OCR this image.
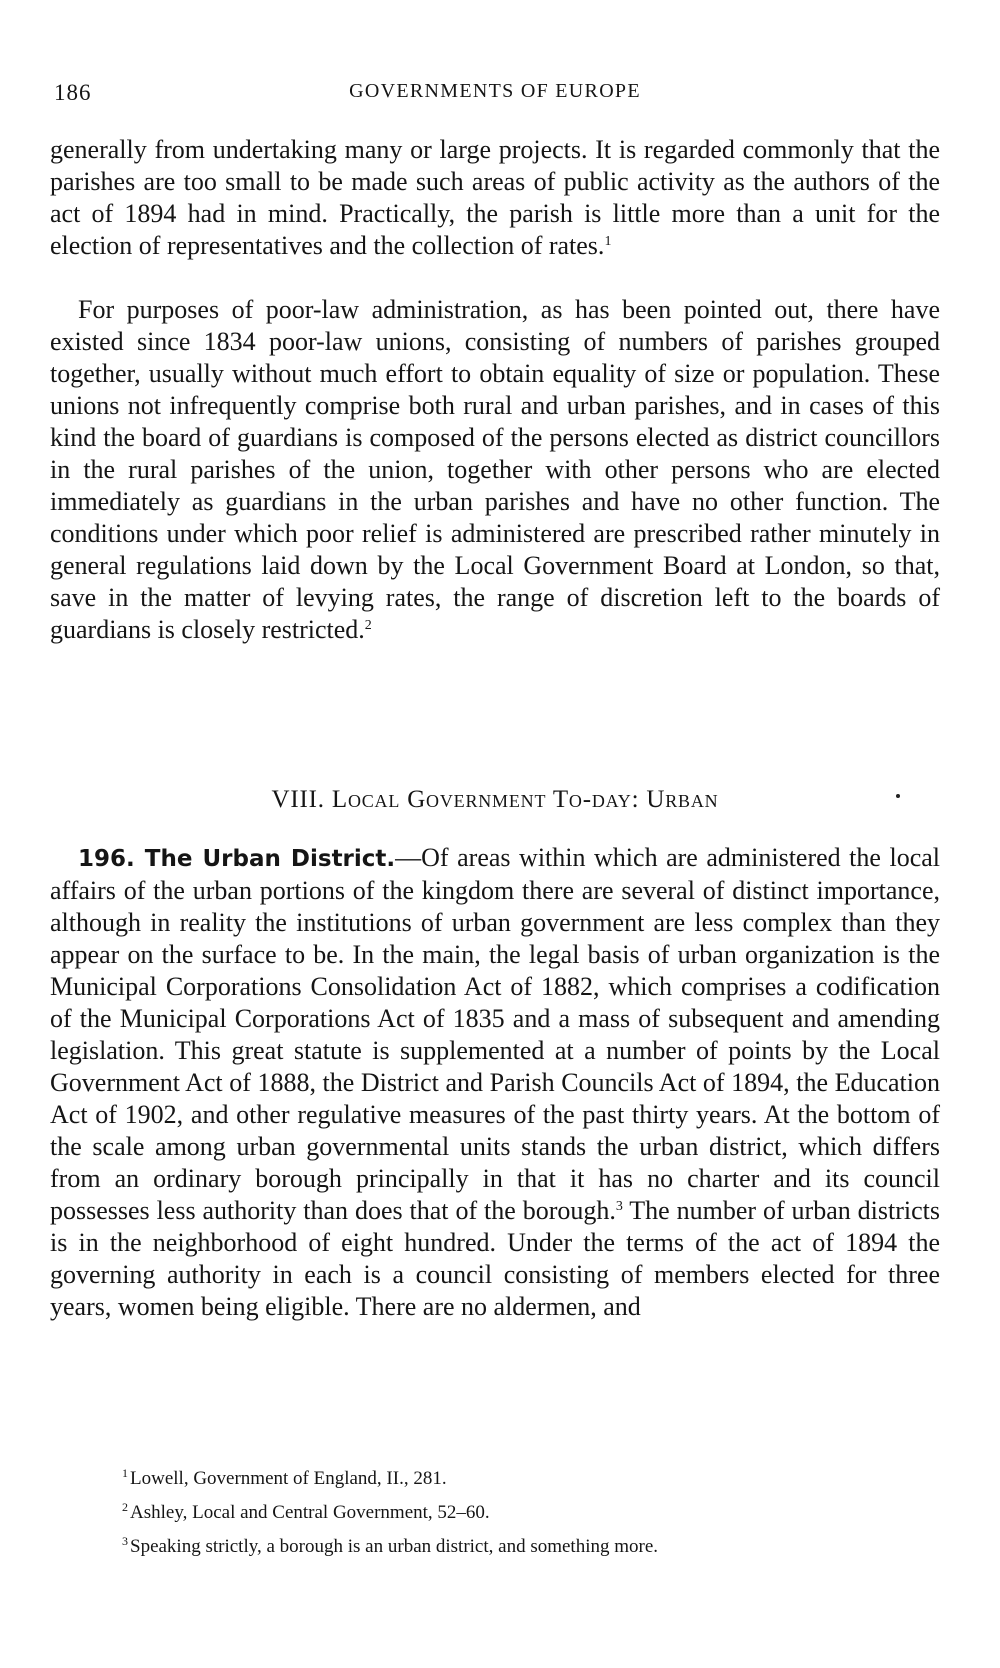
186	GOVERNMENTS OF EUROPE

generally from undertaking many or large projects. It is regarded commonly that the parishes are too small to be made such areas of public activity as the authors of the act of 1894 had in mind. Practically, the parish is little more than a unit for the election of representatives and the collection of rates.$^1$

For purposes of poor-law administration, as has been pointed out, there have existed since 1834 poor-law unions, consisting of numbers of parishes grouped together, usually without much effort to obtain equality of size or population. These unions not infrequently comprise both rural and urban parishes, and in cases of this kind the board of guardians is composed of the persons elected as district councillors in the rural parishes of the union, together with other persons who are elected immediately as guardians in the urban parishes and have no other function. The conditions under which poor relief is administered are prescribed rather minutely in general regulations laid down by the Local Government Board at London, so that, save in the matter of levying rates, the range of discretion left to the boards of guardians is closely restricted.$^2$

VIII. Local Government To-day: Urban

196. The Urban District.—Of areas within which are administered the local affairs of the urban portions of the kingdom there are several of distinct importance, although in reality the institutions of urban government are less complex than they appear on the surface to be. In the main, the legal basis of urban organization is the Municipal Corporations Consolidation Act of 1882, which comprises a codification of the Municipal Corporations Act of 1835 and a mass of subsequent and amending legislation. This great statute is supplemented at a number of points by the Local Government Act of 1888, the District and Parish Councils Act of 1894, the Education Act of 1902, and other regulative measures of the past thirty years. At the bottom of the scale among urban governmental units stands the urban district, which differs from an ordinary borough principally in that it has no charter and its council possesses less authority than does that of the borough.$^3$ The number of urban districts is in the neighborhood of eight hundred. Under the terms of the act of 1894 the governing authority in each is a council consisting of members elected for three years, women being eligible. There are no aldermen, and

$^1$ Lowell, Government of England, II., 281.

$^2$ Ashley, Local and Central Government, 52–60.

$^3$ Speaking strictly, a borough is an urban district, and something more.
